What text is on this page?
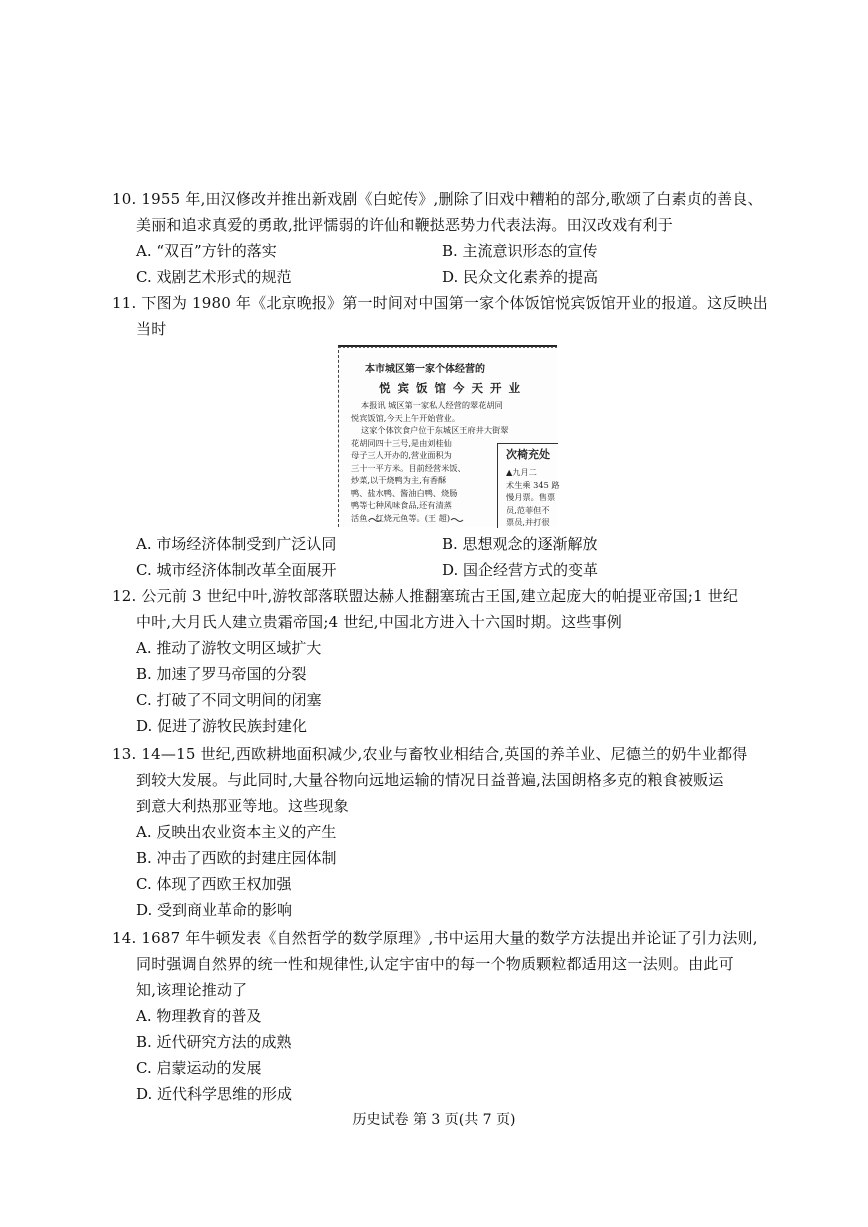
10. 1955 年,田汉修改并推出新戏剧《白蛇传》,删除了旧戏中糟粕的部分,歌颂了白素贞的善良、
美丽和追求真爱的勇敢,批评懦弱的许仙和鞭挞恶势力代表法海。田汉改戏有利于
A. “双百”方针的落实	B. 主流意识形态的宣传
C. 戏剧艺术形式的规范	D. 民众文化素养的提高
11. 下图为 1980 年《北京晚报》第一时间对中国第一家个体饭馆悦宾饭馆开业的报道。这反映出
当时
本市城区第一家个体经营的
悦宾饭馆今天开业
本报讯 城区第一家私人经营的翠花胡同
悦宾饭馆,今天上午开始营业。
这家个体饮食户位于东城区王府井大街翠
花胡同四十三号,是由刘桂仙
母子三人开办的,营业面积为
三十一平方米。目前经营米饭、
炒菜,以干烧鸭为主,有香酥
鸭、盐水鸭、酱油白鸭、烧肠
鸭等七种风味食品,还有清蒸
活鱼、红烧元鱼等。(王 超)
次椅充处
▲九月二
术生乘 345 路
慢月票。售票
员,范菲但不
票员,并打很
A. 市场经济体制受到广泛认同	B. 思想观念的逐渐解放
C. 城市经济体制改革全面展开	D. 国企经营方式的变革
12. 公元前 3 世纪中叶,游牧部落联盟达赫人推翻塞琉古王国,建立起庞大的帕提亚帝国;1 世纪
中叶,大月氏人建立贵霜帝国;4 世纪,中国北方进入十六国时期。这些事例
A. 推动了游牧文明区域扩大
B. 加速了罗马帝国的分裂
C. 打破了不同文明间的闭塞
D. 促进了游牧民族封建化
13. 14—15 世纪,西欧耕地面积减少,农业与畜牧业相结合,英国的养羊业、尼德兰的奶牛业都得
到较大发展。与此同时,大量谷物向远地运输的情况日益普遍,法国朗格多克的粮食被贩运
到意大利热那亚等地。这些现象
A. 反映出农业资本主义的产生
B. 冲击了西欧的封建庄园体制
C. 体现了西欧王权加强
D. 受到商业革命的影响
14. 1687 年牛顿发表《自然哲学的数学原理》,书中运用大量的数学方法提出并论证了引力法则,
同时强调自然界的统一性和规律性,认定宇宙中的每一个物质颗粒都适用这一法则。由此可
知,该理论推动了
A. 物理教育的普及
B. 近代研究方法的成熟
C. 启蒙运动的发展
D. 近代科学思维的形成
历史试卷 第 3 页(共 7 页)
